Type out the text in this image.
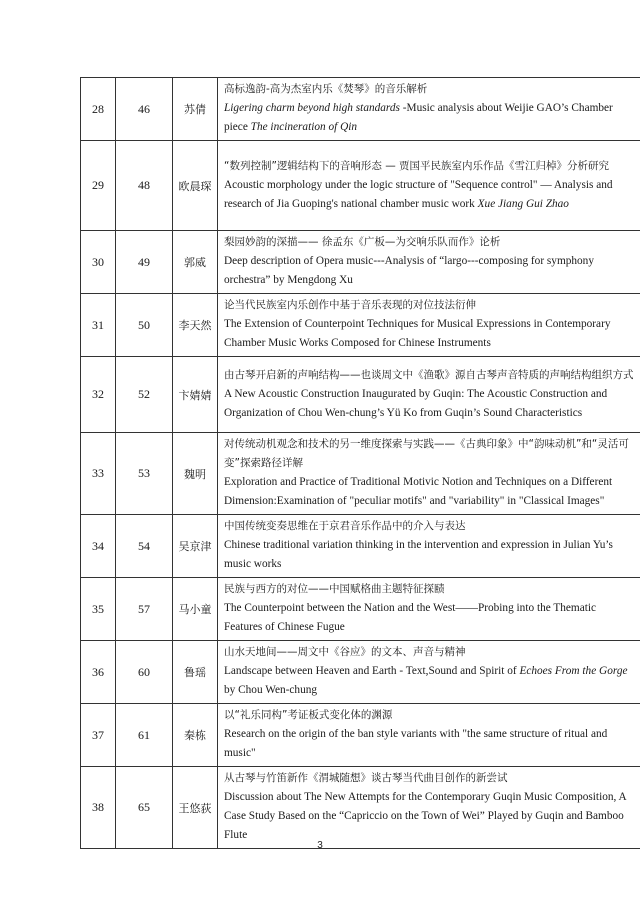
28	46	苏倩	高标逸韵-高为杰室内乐《焚琴》的音乐解析
Ligering charm beyond high standards -Music analysis about Weijie GAO’s Chamber piece The incineration of Qin

29	48	欧晨琛	“数列控制”逻辑结构下的音响形态 — 贾国平民族室内乐作品《雪江归棹》分析研究
Acoustic morphology under the logic structure of "Sequence control" — Analysis and research of Jia Guoping's national chamber music work Xue Jiang Gui Zhao

30	49	郭威	梨园妙韵的深描—— 徐孟东《广板—为交响乐队而作》论析
Deep description of Opera music---Analysis of “largo---composing for symphony orchestra” by Mengdong Xu

31	50	李天然	论当代民族室内乐创作中基于音乐表现的对位技法衍伸
The Extension of Counterpoint Techniques for Musical Expressions in Contemporary Chamber Music Works Composed for Chinese Instruments

32	52	卞婧婧	由古琴开启新的声响结构——也谈周文中《渔歌》源自古琴声音特质的声响结构组织方式
A New Acoustic Construction Inaugurated by Guqin: The Acoustic Construction and Organization of Chou Wen-chung’s Yü Ko from Guqin’s Sound Characteristics

33	53	魏明	对传统动机观念和技术的另一维度探索与实践——《古典印象》中“韵味动机”和“灵活可变”探索路径详解
Exploration and Practice of Traditional Motivic Notion and Techniques on a Different Dimension:Examination of "peculiar motifs" and "variability" in "Classical Images"

34	54	吴京津	中国传统变奏思维在于京君音乐作品中的介入与表达
Chinese traditional variation thinking in the intervention and expression in Julian Yu’s music works

35	57	马小童	民族与西方的对位——中国赋格曲主题特征探赜
The Counterpoint between the Nation and the West——Probing into the Thematic Features of Chinese Fugue

36	60	鲁瑶	山水天地间——周文中《谷应》的文本、声音与精神
Landscape between Heaven and Earth - Text,Sound and Spirit of Echoes From the Gorge by Chou Wen-chung

37	61	秦栋	以“礼乐同构”考证板式变化体的渊源
Research on the origin of the ban style variants with "the same structure of ritual and music"

38	65	王悠荻	从古琴与竹笛新作《渭城随想》谈古琴当代曲目创作的新尝试
Discussion about The New Attempts for the Contemporary Guqin Music Composition, A Case Study Based on the “Capriccio on the Town of Wei” Played by Guqin and Bamboo Flute
3
